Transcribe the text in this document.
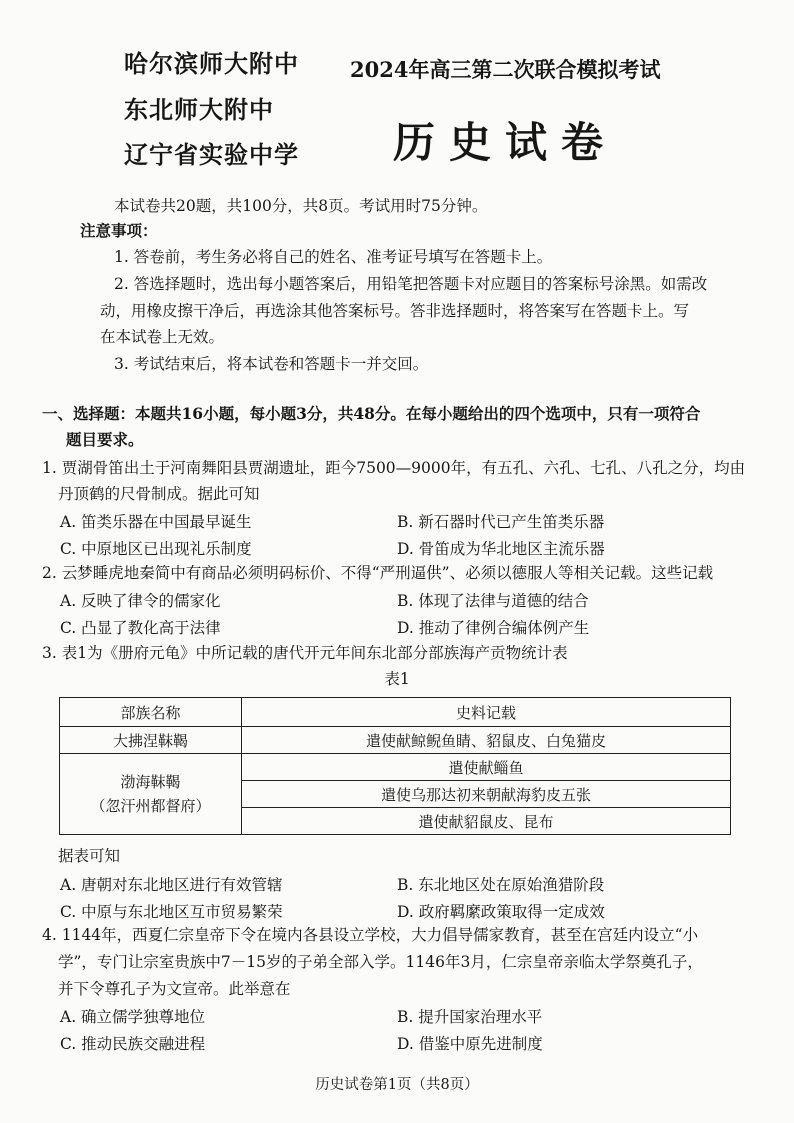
哈尔滨师大附中
东北师大附中
辽宁省实验中学
2024年高三第二次联合模拟考试
历史试卷
本试卷共20题，共100分，共8页。考试用时75分钟。
注意事项：
1. 答卷前，考生务必将自己的姓名、准考证号填写在答题卡上。
2. 答选择题时，选出每小题答案后，用铅笔把答题卡对应题目的答案标号涂黑。如需改
动，用橡皮擦干净后，再选涂其他答案标号。答非选择题时，将答案写在答题卡上。写
在本试卷上无效。
3. 考试结束后，将本试卷和答题卡一并交回。
一、选择题：本题共16小题，每小题3分，共48分。在每小题给出的四个选项中，只有一项符合
题目要求。
1. 贾湖骨笛出土于河南舞阳县贾湖遗址，距今7500—9000年，有五孔、六孔、七孔、八孔之分，均由
丹顶鹤的尺骨制成。据此可知
A. 笛类乐器在中国最早诞生	B. 新石器时代已产生笛类乐器
C. 中原地区已出现礼乐制度	D. 骨笛成为华北地区主流乐器
2. 云梦睡虎地秦简中有商品必须明码标价、不得“严刑逼供”、必须以德服人等相关记载。这些记载
A. 反映了律令的儒家化	B. 体现了法律与道德的结合
C. 凸显了教化高于法律	D. 推动了律例合编体例产生
3. 表1为《册府元龟》中所记载的唐代开元年间东北部分部族海产贡物统计表
表1
部族名称	史料记载
大拂涅靺鞨	遣使献鲸鲵鱼睛、貂鼠皮、白兔猫皮

渤海靺鞨
（忽汗州都督府）	遣使献鲻鱼
	遣使乌那达初来朝献海豹皮五张
	遣使献貂鼠皮、昆布
据表可知
A. 唐朝对东北地区进行有效管辖	B. 东北地区处在原始渔猎阶段
C. 中原与东北地区互市贸易繁荣	D. 政府羁縻政策取得一定成效
4. 1144年，西夏仁宗皇帝下令在境内各县设立学校，大力倡导儒家教育，甚至在宫廷内设立“小
学”，专门让宗室贵族中7－15岁的子弟全部入学。1146年3月，仁宗皇帝亲临太学祭奠孔子，
并下令尊孔子为文宣帝。此举意在
A. 确立儒学独尊地位	B. 提升国家治理水平
C. 推动民族交融进程	D. 借鉴中原先进制度
历史试卷第1页（共8页）
